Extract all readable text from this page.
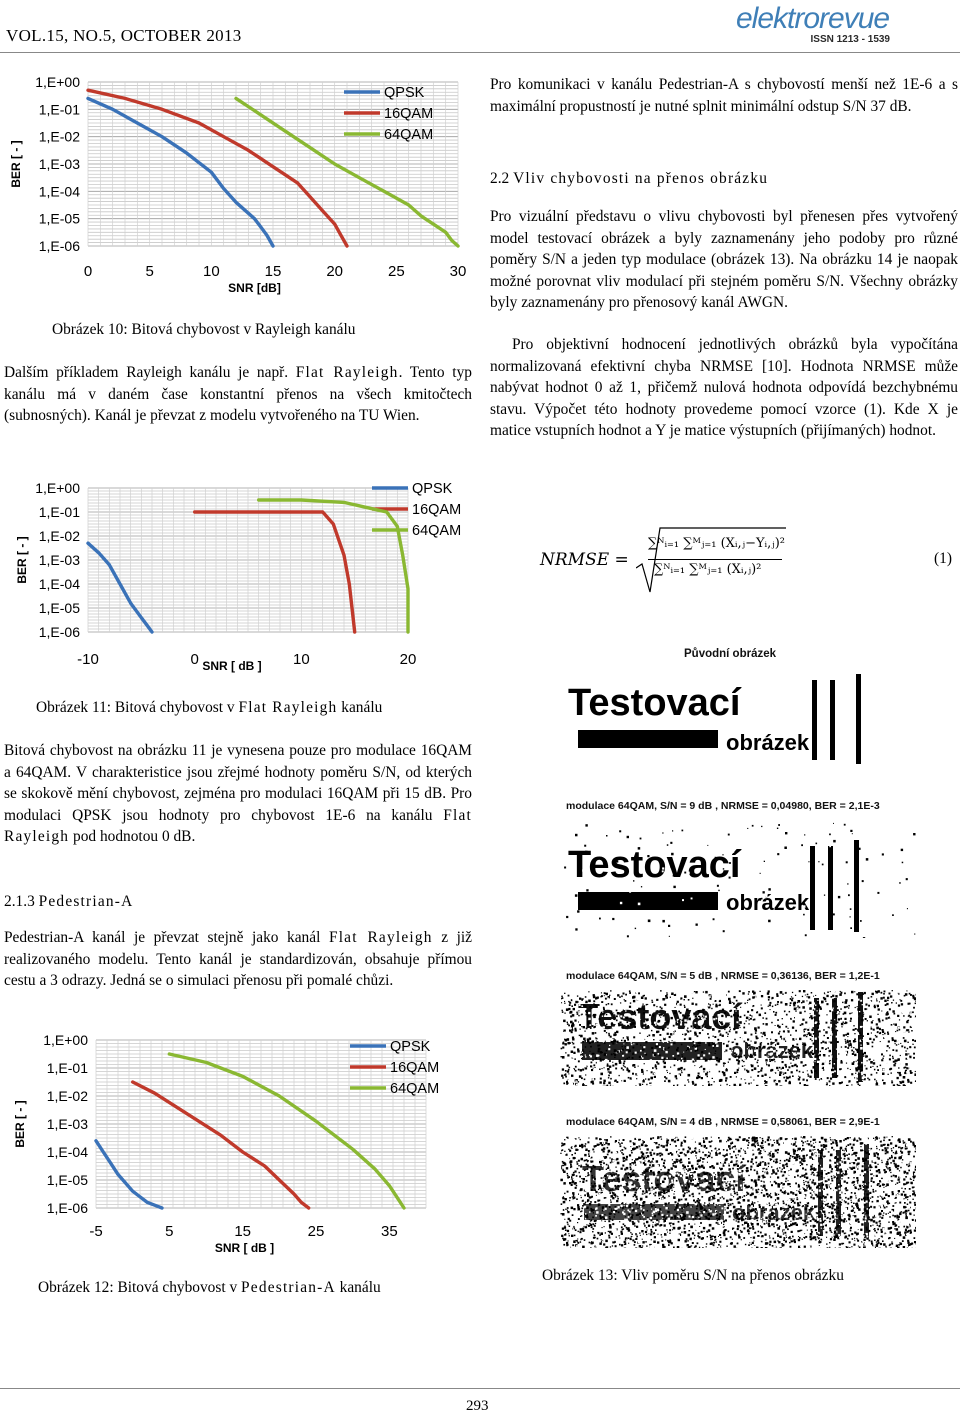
VOL.15, NO.5, OCTOBER 2013
elektrorevue
ISSN 1213 - 1539
1,E+00
1,E-01
1,E-02
1,E-03
1,E-04
1,E-05
1,E-06
0	5	10	15	20	25	30
SNR [dB]
BER [ - ]
QPSK
16QAM
64QAM
Obrázek 10: Bitová chybovost v Rayleigh kanálu
Dalším příkladem Rayleigh kanálu je např. Flat Rayleigh. Tento typ kanálu má v daném čase konstantní přenos na všech kmitočtech (subnosných). Kanál je převzat z modelu vytvořeného na TU Wien.
1,E+00
1,E-01
1,E-02
1,E-03
1,E-04
1,E-05
1,E-06
-10	0	10	20
SNR [ dB ]
BER [ - ]
QPSK
16QAM
64QAM
Obrázek 11: Bitová chybovost v Flat Rayleigh kanálu
Bitová chybovost na obrázku 11 je vynesena pouze pro modulace 16QAM a 64QAM. V charakteristice jsou zřejmé hodnoty poměru S/N, od kterých se skokově mění chybovost, zejména pro modulaci 16QAM při 15 dB. Pro modulaci QPSK jsou hodnoty pro chybovost 1E-6 na kanálu Flat Rayleigh pod hodnotou 0 dB.
2.1.3 Pedestrian-A
Pedestrian-A kanál je převzat stejně jako kanál Flat Rayleigh z již realizovaného modelu. Tento kanál je standardizován, obsahuje přímou cestu a 3 odrazy. Jedná se o simulaci přenosu při pomalé chůzi.
1,E+00
1,E-01
1,E-02
1,E-03
1,E-04
1,E-05
1,E-06
-5	5	15	25	35
SNR [ dB ]
BER [ - ]
QPSK
16QAM
64QAM
Obrázek 12: Bitová chybovost v Pedestrian-A kanálu
Pro komunikaci v kanálu Pedestrian-A s chybovostí menší než 1E-6 a s maximální propustností je nutné splnit minimální odstup S/N 37 dB.
2.2 Vliv chybovosti na přenos obrázku
Pro vizuální představu o vlivu chybovosti byl přenesen přes vytvořený model testovací obrázek a byly zaznamenány jeho podoby pro různé poměry S/N a jeden typ modulace (obrázek 13). Na obrázku 14 je naopak možné porovnat vliv modulací při stejném poměru S/N. Všechny obrázky byly zaznamenány pro přenosový kanál AWGN.
Pro objektivní hodnocení jednotlivých obrázků byla vypočítána normalizovaná efektivní chyba NRMSE [10]. Hodnota NRMSE může nabývat hodnot 0 až 1, přičemž nulová hodnota odpovídá bezchybnému stavu. Výpočet této hodnoty provedeme pomocí vzorce (1). Kde X je matice vstupních hodnot a Y je matice výstupních (přijímaných) hodnot.
NRMSE =
∑ᴺᵢ₌₁ ∑ᴹⱼ₌₁ (Xᵢ,ⱼ−Yᵢ,ⱼ)²
∑ᴺᵢ₌₁ ∑ᴹⱼ₌₁ (Xᵢ,ⱼ)²
(1)
Původní obrázek
Testovací
obrázek
modulace 64QAM, S/N = 9 dB , NRMSE = 0,04980, BER = 2,1E-3
Testovací
obrázek
modulace 64QAM, S/N = 5 dB , NRMSE = 0,36136, BER = 1,2E-1
Testovací
obrázek
modulace 64QAM, S/N = 4 dB , NRMSE = 0,58061, BER = 2,9E-1
Testovací
Obrázek 13: Vliv poměru S/N na přenos obrázku
293
